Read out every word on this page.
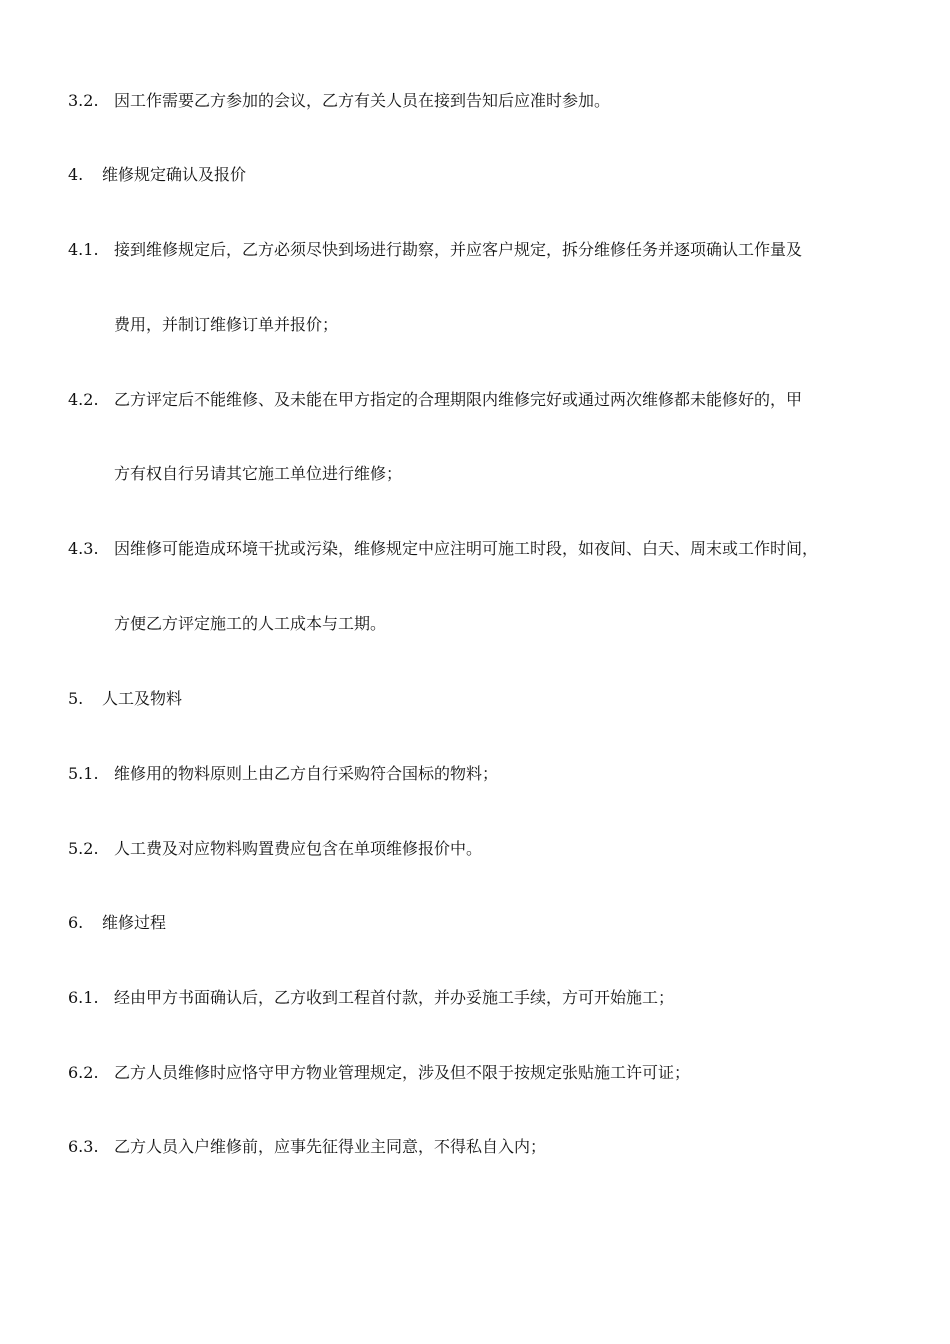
3.2. 因工作需要乙方参加的会议，乙方有关人员在接到告知后应准时参加。
4. 维修规定确认及报价
4.1. 接到维修规定后，乙方必须尽快到场进行勘察，并应客户规定，拆分维修任务并逐项确认工作量及
费用，并制订维修订单并报价；
4.2. 乙方评定后不能维修、及未能在甲方指定的合理期限内维修完好或通过两次维修都未能修好的，甲
方有权自行另请其它施工单位进行维修；
4.3. 因维修可能造成环境干扰或污染，维修规定中应注明可施工时段，如夜间、白天、周末或工作时间，
方便乙方评定施工的人工成本与工期。
5. 人工及物料
5.1. 维修用的物料原则上由乙方自行采购符合国标的物料；
5.2. 人工费及对应物料购置费应包含在单项维修报价中。
6. 维修过程
6.1. 经由甲方书面确认后，乙方收到工程首付款，并办妥施工手续，方可开始施工；
6.2. 乙方人员维修时应恪守甲方物业管理规定，涉及但不限于按规定张贴施工许可证；
6.3. 乙方人员入户维修前，应事先征得业主同意，不得私自入内；
